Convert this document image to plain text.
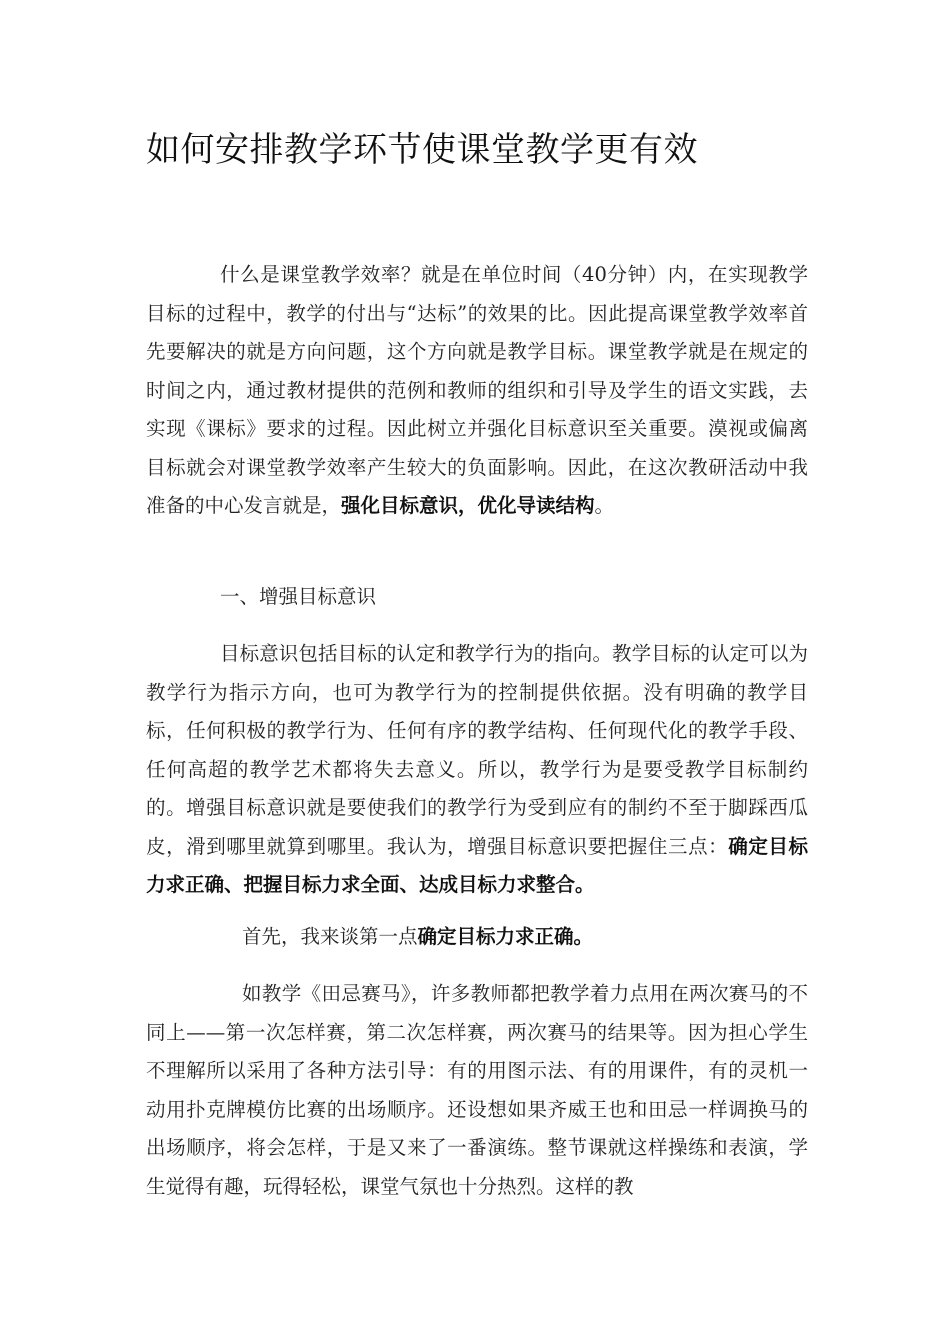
如何安排教学环节使课堂教学更有效

什么是课堂教学效率？就是在单位时间（40分钟）内，在实现教学目标的过程中，教学的付出与“达标”的效果的比。因此提高课堂教学效率首先要解决的就是方向问题，这个方向就是教学目标。课堂教学就是在规定的时间之内，通过教材提供的范例和教师的组织和引导及学生的语文实践，去实现《课标》要求的过程。因此树立并强化目标意识至关重要。漠视或偏离目标就会对课堂教学效率产生较大的负面影响。因此，在这次教研活动中我准备的中心发言就是，强化目标意识，优化导读结构。

一、增强目标意识

目标意识包括目标的认定和教学行为的指向。教学目标的认定可以为教学行为指示方向，也可为教学行为的控制提供依据。没有明确的教学目标，任何积极的教学行为、任何有序的教学结构、任何现代化的教学手段、任何高超的教学艺术都将失去意义。所以，教学行为是要受教学目标制约的。增强目标意识就是要使我们的教学行为受到应有的制约不至于脚踩西瓜皮，滑到哪里就算到哪里。我认为，增强目标意识要把握住三点：确定目标力求正确、把握目标力求全面、达成目标力求整合。

首先，我来谈第一点确定目标力求正确。

如教学《田忌赛马》，许多教师都把教学着力点用在两次赛马的不同上——第一次怎样赛，第二次怎样赛，两次赛马的结果等。因为担心学生不理解所以采用了各种方法引导：有的用图示法、有的用课件，有的灵机一动用扑克牌模仿比赛的出场顺序。还设想如果齐威王也和田忌一样调换马的出场顺序，将会怎样，于是又来了一番演练。整节课就这样操练和表演，学生觉得有趣，玩得轻松，课堂气氛也十分热烈。这样的教
